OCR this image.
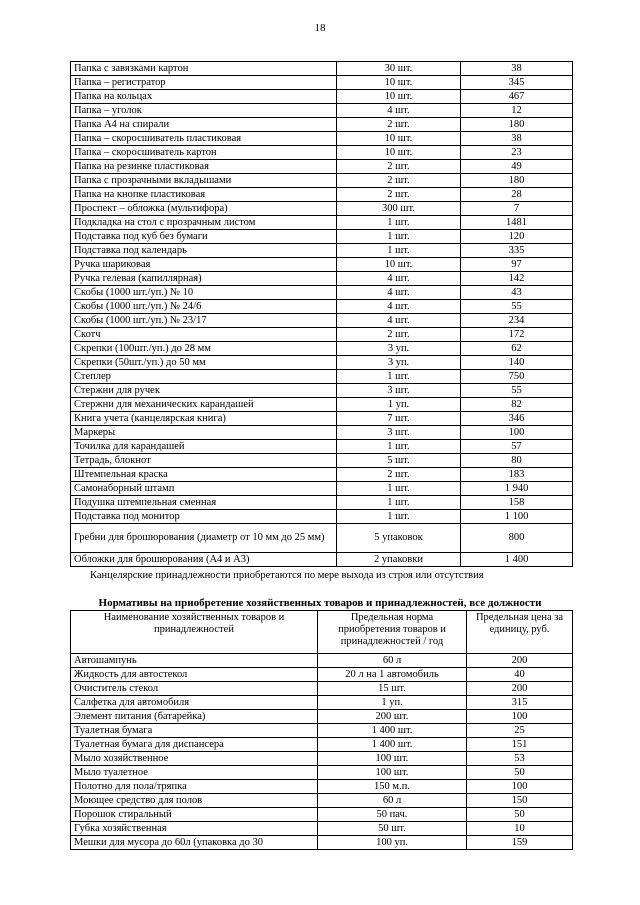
18
Папка с завязками картон	30 шт.	38
Папка – регистратор	10 шт.	345
Папка на кольцах	10 шт.	467
Папка – уголок	4 шт.	12
Папка А4 на спирали	2 шт.	180
Папка – скоросшиватель пластиковая	10 шт.	38
Папка – скоросшиватель картон	10 шт.	23
Папка на резинке пластиковая	2 шт.	49
Папка с прозрачными вкладышами	2 шт.	180
Папка на кнопке пластиковая	2 шт.	28
Проспект – обложка (мультифора)	300 шт.	7
Подкладка на стол с прозрачным листом	1 шт.	1481
Подставка под куб без бумаги	1 шт.	120
Подставка под календарь	1 шт.	335
Ручка шариковая	10 шт.	97
Ручка гелевая (капиллярная)	4 шт.	142
Скобы (1000 шт./уп.) № 10	4 шт.	43
Скобы (1000 шт./уп.) № 24/6	4 шт.	55
Скобы (1000 шт./уп.) № 23/17	4 шт.	234
Скотч	2 шт.	172
Скрепки (100шт./уп.) до 28 мм	3 уп.	62
Скрепки (50шт./уп.) до 50 мм	3 уп.	140
Степлер	1 шт.	750
Стержни для ручек	3 шт.	55
Стержни для механических карандашей	1 уп.	82
Книга учета (канцелярская книга)	7 шт.	346
Маркеры	3 шт.	100
Точилка для карандашей	1 шт.	57
Тетрадь, блокнот	5 шт.	80
Штемпельная краска	2 шт.	183
Самонаборный штамп	1 шт.	1 940
Подушка штемпельная сменная	1 шт.	158
Подставка под монитор	1 шт.	1 100
Гребни для брошюрования (диаметр от 10 мм до 25 мм)	5 упаковок	800
Обложки для брошюрования (А4 и А3)	2 упаковки	1 400
Канцелярские принадлежности приобретаются по мере выхода из строя или отсутствия
Нормативы на приобретение хозяйственных товаров и принадлежностей, все должности
Наименование хозяйственных товаров и принадлежностей	Предельная норма приобретения товаров и принадлежностей / год	Предельная цена за единицу, руб.
Автошампунь	60 л	200
Жидкость для автостекол	20 л на 1 автомобиль	40
Очиститель стекол	15 шт.	200
Салфетка для автомобиля	1 уп.	315
Элемент питания (батарейка)	200 шт.	100
Туалетная бумага	1 400 шт.	25
Туалетная бумага для диспансера	1 400 шт.	151
Мыло хозяйственное	100 шт.	53
Мыло туалетное	100 шт.	50
Полотно для пола/тряпка	150 м.п.	100
Моющее средство для полов	60 л	150
Порошок стиральный	50 пач.	50
Губка хозяйственная	50 шт.	10
Мешки для мусора до 60л (упаковка до 30	100 уп.	159
